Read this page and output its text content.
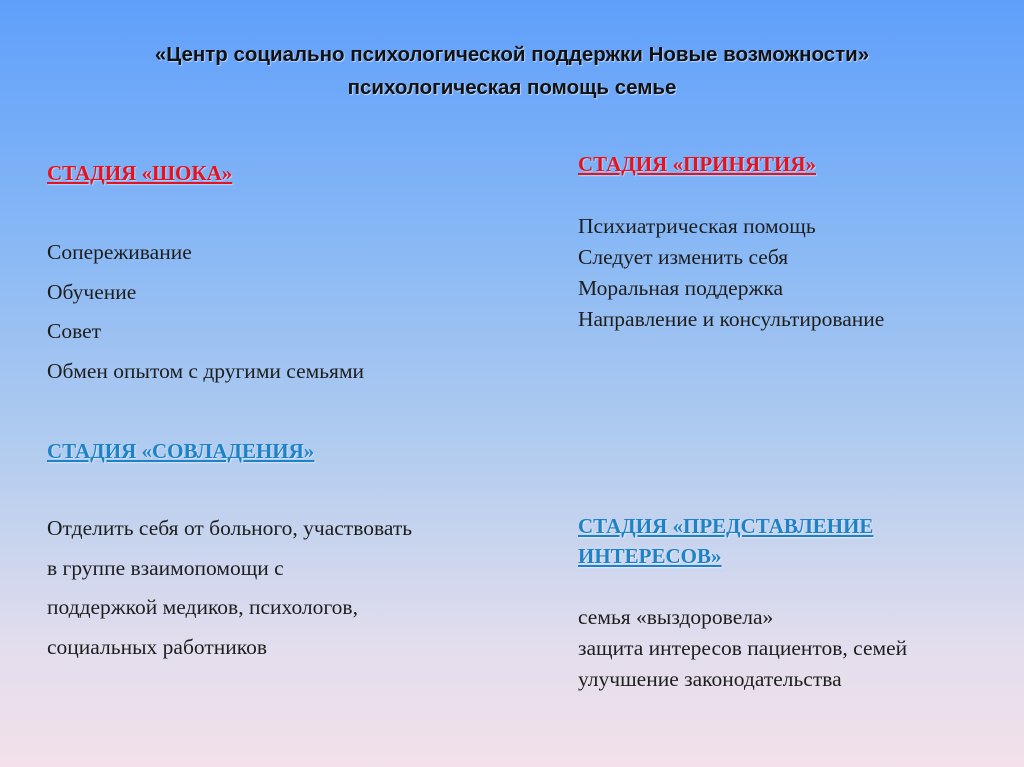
«Центр социально психологической поддержки Новые возможности»
психологическая помощь семье
СТАДИЯ «ШОКА»
Сопереживание
Обучение
Совет
Обмен опытом с другими семьями
СТАДИЯ «СОВЛАДЕНИЯ»
Отделить себя от больного, участвовать
в группе взаимопомощи с
поддержкой медиков, психологов,
социальных работников
СТАДИЯ «ПРИНЯТИЯ»
Психиатрическая помощь
Следует изменить себя
Моральная поддержка
Направление и консультирование
СТАДИЯ «ПРЕДСТАВЛЕНИЕ
ИНТЕРЕСОВ»
семья «выздоровела»
защита интересов пациентов, семей
улучшение законодательства
